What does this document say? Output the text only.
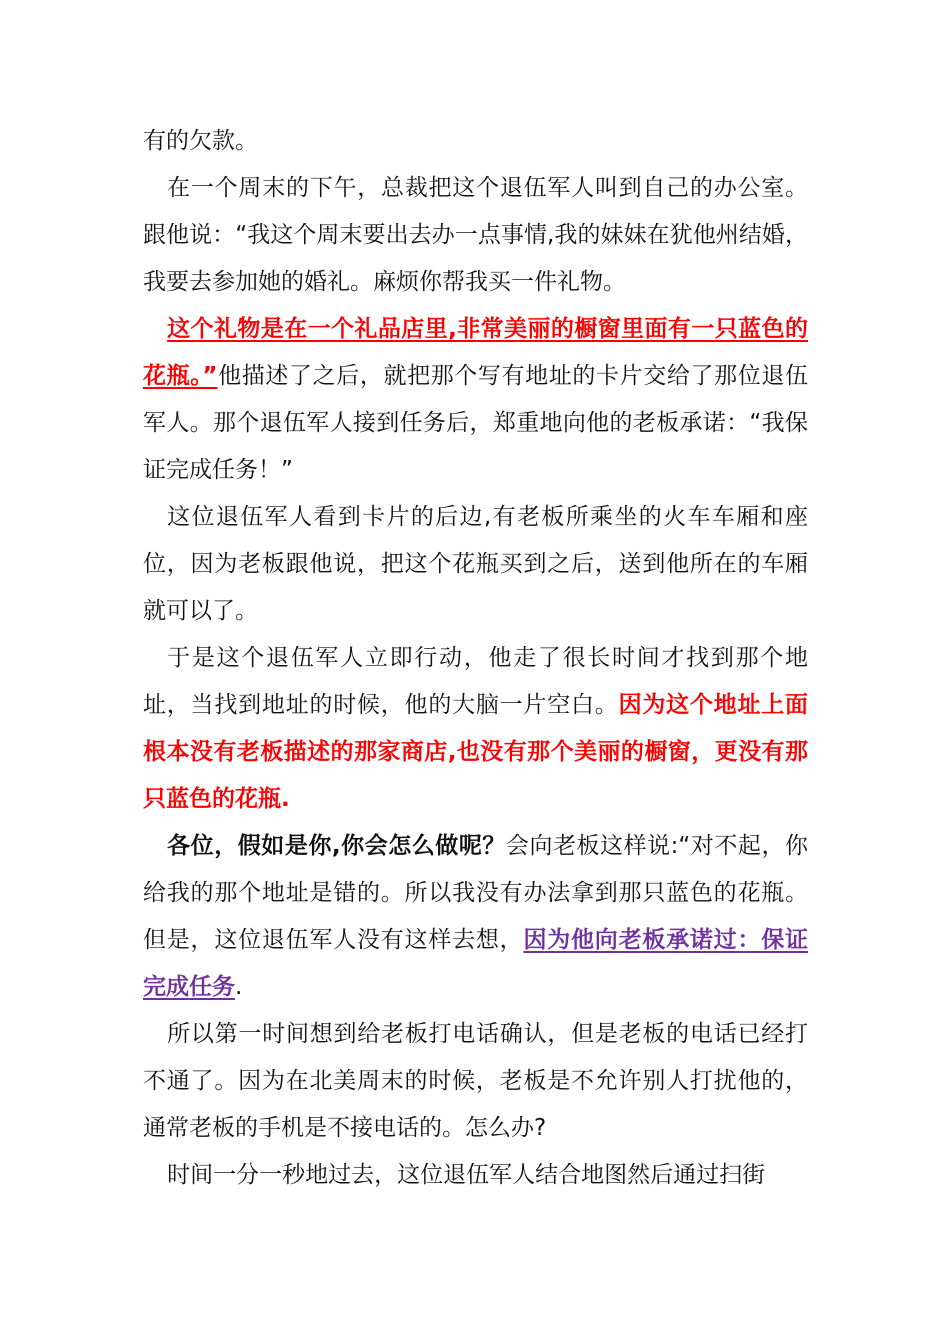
有的欠款。

在一个周末的下午，总裁把这个退伍军人叫到自己的办公室。跟他说：“我这个周末要出去办一点事情,我的妹妹在犹他州结婚，我要去参加她的婚礼。麻烦你帮我买一件礼物。

这个礼物是在一个礼品店里,非常美丽的橱窗里面有一只蓝色的花瓶。”他描述了之后，就把那个写有地址的卡片交给了那位退伍军人。那个退伍军人接到任务后，郑重地向他的老板承诺：“我保证完成任务！”

这位退伍军人看到卡片的后边,有老板所乘坐的火车车厢和座位，因为老板跟他说，把这个花瓶买到之后，送到他所在的车厢就可以了。

于是这个退伍军人立即行动，他走了很长时间才找到那个地址，当找到地址的时候，他的大脑一片空白。因为这个地址上面根本没有老板描述的那家商店,也没有那个美丽的橱窗，更没有那只蓝色的花瓶.

各位，假如是你,你会怎么做呢？会向老板这样说:“对不起，你给我的那个地址是错的。所以我没有办法拿到那只蓝色的花瓶。但是，这位退伍军人没有这样去想，因为他向老板承诺过：保证完成任务.

所以第一时间想到给老板打电话确认，但是老板的电话已经打不通了。因为在北美周末的时候，老板是不允许别人打扰他的，通常老板的手机是不接电话的。怎么办?

时间一分一秒地过去，这位退伍军人结合地图然后通过扫街
